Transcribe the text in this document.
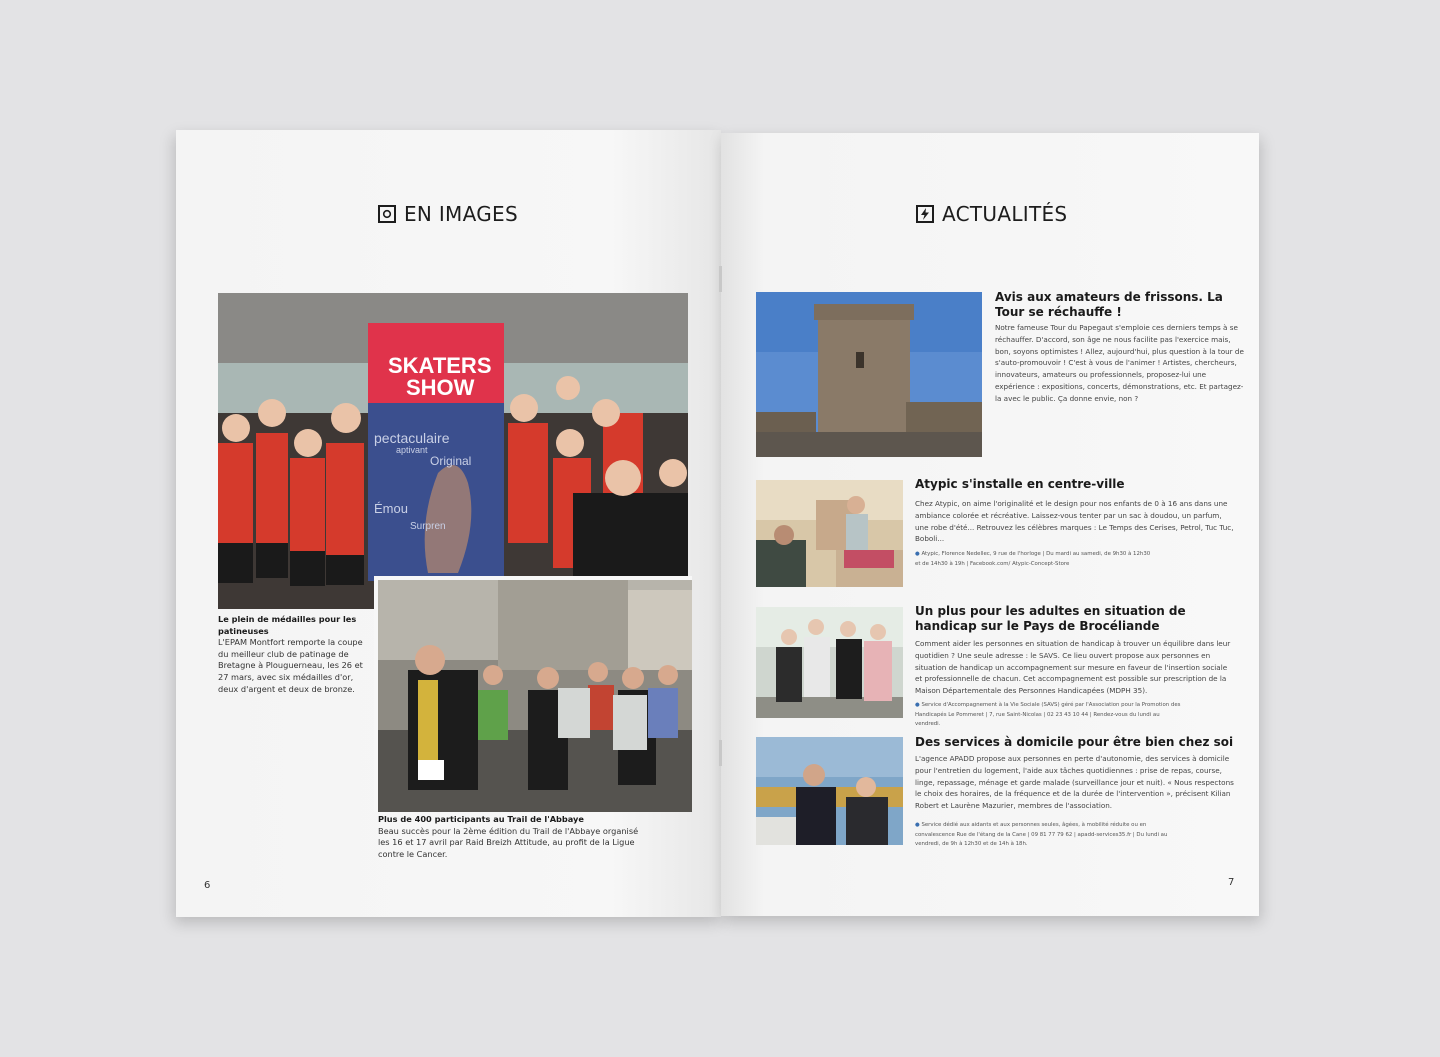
EN IMAGES
SKATERS
SHOW
pectaculaire
aptivant
Original
Émou
Surpren
Le plein de médailles pour les patineuses
L'EPAM Montfort remporte la coupe du meilleur club de patinage de Bretagne à Plouguerneau, les 26 et 27 mars, avec six médailles d'or, deux d'argent et deux de bronze.
Plus de 400 participants au Trail de l'Abbaye
Beau succès pour la 2ème édition du Trail de l'Abbaye organisé les 16 et 17 avril par Raid Breizh Attitude, au profit de la Ligue contre le Cancer.
6
ACTUALITÉS
Avis aux amateurs de frissons. La Tour se réchauffe !
Notre fameuse Tour du Papegaut s'emploie ces derniers temps à se réchauffer. D'accord, son âge ne nous facilite pas l'exercice mais, bon, soyons optimistes ! Allez, aujourd'hui, plus question à la tour de s'auto-promouvoir ! C'est à vous de l'animer ! Artistes, chercheurs, innovateurs, amateurs ou professionnels, proposez-lui une expérience : expositions, concerts, démonstrations, etc. Et partagez-la avec le public. Ça donne envie, non ?
Atypic s'installe en centre-ville
Chez Atypic, on aime l'originalité et le design pour nos enfants de 0 à 16 ans dans une ambiance colorée et récréative. Laissez-vous tenter par un sac à doudou, un parfum, une robe d'été... Retrouvez les célèbres marques : Le Temps des Cerises, Petrol, Tuc Tuc, Boboli...
● Atypic, Florence Nedellec, 9 rue de l'horloge | Du mardi au samedi, de 9h30 à 12h30 et de 14h30 à 19h | Facebook.com/ Atypic-Concept-Store
Un plus pour les adultes en situation de handicap sur le Pays de Brocéliande
Comment aider les personnes en situation de handicap à trouver un équilibre dans leur quotidien ? Une seule adresse : le SAVS. Ce lieu ouvert propose aux personnes en situation de handicap un accompagnement sur mesure en faveur de l'insertion sociale et professionnelle de chacun. Cet accompagnement est possible sur prescription de la Maison Départementale des Personnes Handicapées (MDPH 35).
● Service d'Accompagnement à la Vie Sociale (SAVS) géré par l'Association pour la Promotion des Handicapés Le Pommeret | 7, rue Saint-Nicolas | 02 23 43 10 44 | Rendez-vous du lundi au vendredi.
Des services à domicile pour être bien chez soi
L'agence APADD propose aux personnes en perte d'autonomie, des services à domicile pour l'entretien du logement, l'aide aux tâches quotidiennes : prise de repas, course, linge, repassage, ménage et garde malade (surveillance jour et nuit). « Nous respectons le choix des horaires, de la fréquence et de la durée de l'intervention », précisent Kilian Robert et Laurène Mazurier, membres de l'association.
● Service dédié aux aidants et aux personnes seules, âgées, à mobilité réduite ou en convalescence Rue de l'étang de la Cane | 09 81 77 79 62 | apadd-services35.fr | Du lundi au vendredi, de 9h à 12h30 et de 14h à 18h.
7
